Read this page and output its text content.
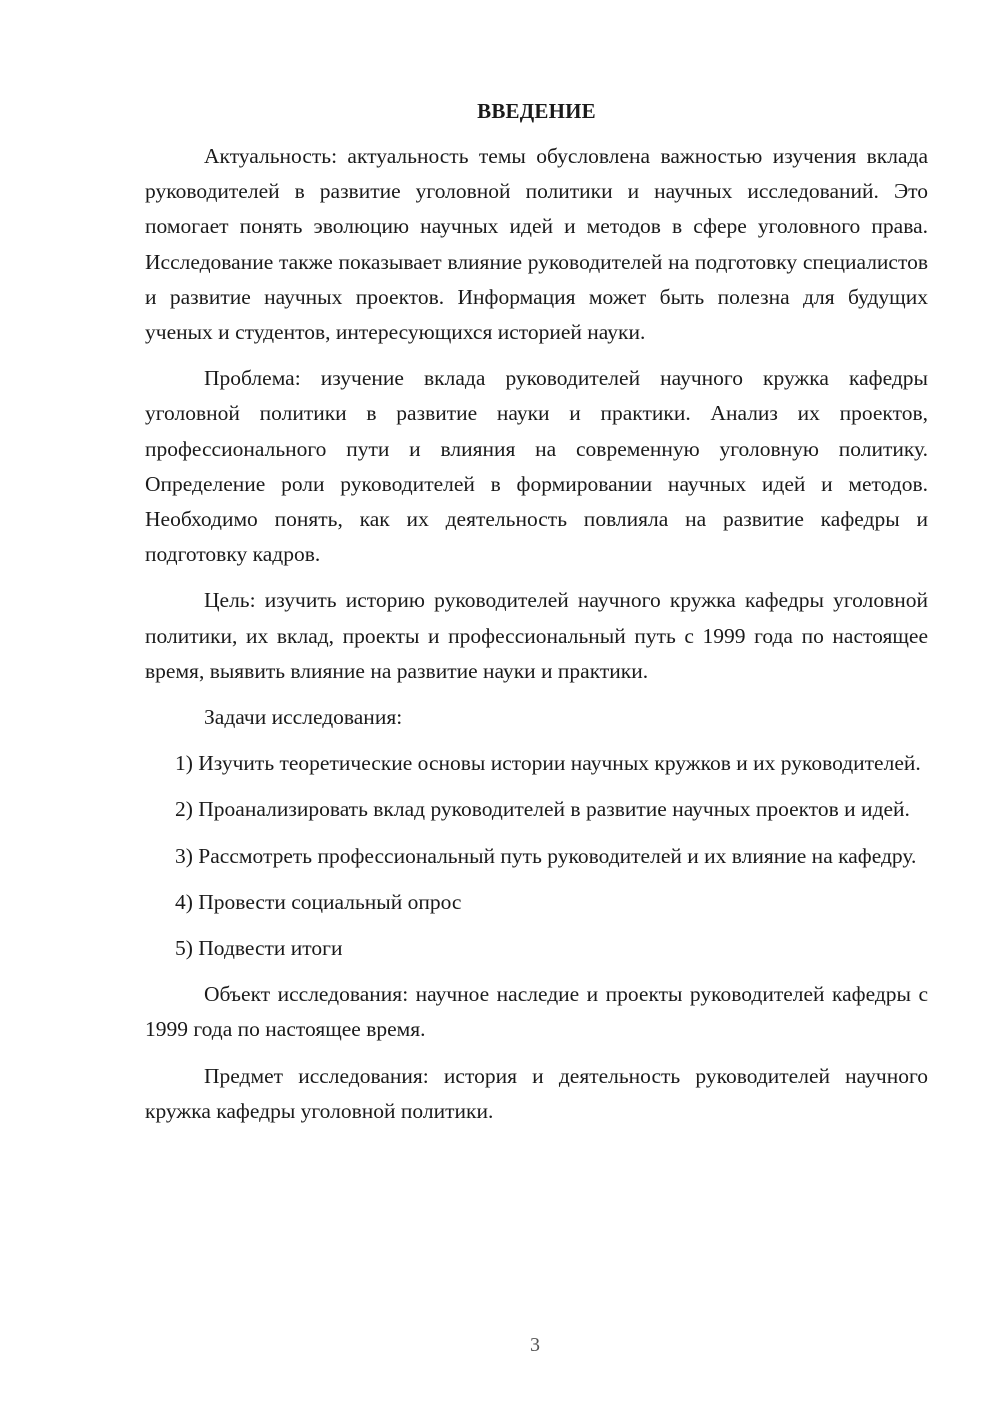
ВВЕДЕНИЕ

Актуальность: актуальность темы обусловлена важностью изучения вклада руководителей в развитие уголовной политики и научных исследований. Это помогает понять эволюцию научных идей и методов в сфере уголовного права. Исследование также показывает влияние руководителей на подготовку специалистов и развитие научных проектов. Информация может быть полезна для будущих ученых и студентов, интересующихся историей науки.

Проблема: изучение вклада руководителей научного кружка кафедры уголовной политики в развитие науки и практики. Анализ их проектов, профессионального пути и влияния на современную уголовную политику. Определение роли руководителей в формировании научных идей и методов. Необходимо понять, как их деятельность повлияла на развитие кафедры и подготовку кадров.

Цель: изучить историю руководителей научного кружка кафедры уголовной политики, их вклад, проекты и профессиональный путь с 1999 года по настоящее время, выявить влияние на развитие науки и практики.

Задачи исследования:

1) Изучить теоретические основы истории научных кружков и их руководителей.

2) Проанализировать вклад руководителей в развитие научных проектов и идей.

3) Рассмотреть профессиональный путь руководителей и их влияние на кафедру.

4) Провести социальный опрос

5) Подвести итоги

Объект исследования: научное наследие и проекты руководителей кафедры с 1999 года по настоящее время.

Предмет исследования: история и деятельность руководителей научного кружка кафедры уголовной политики.

3
